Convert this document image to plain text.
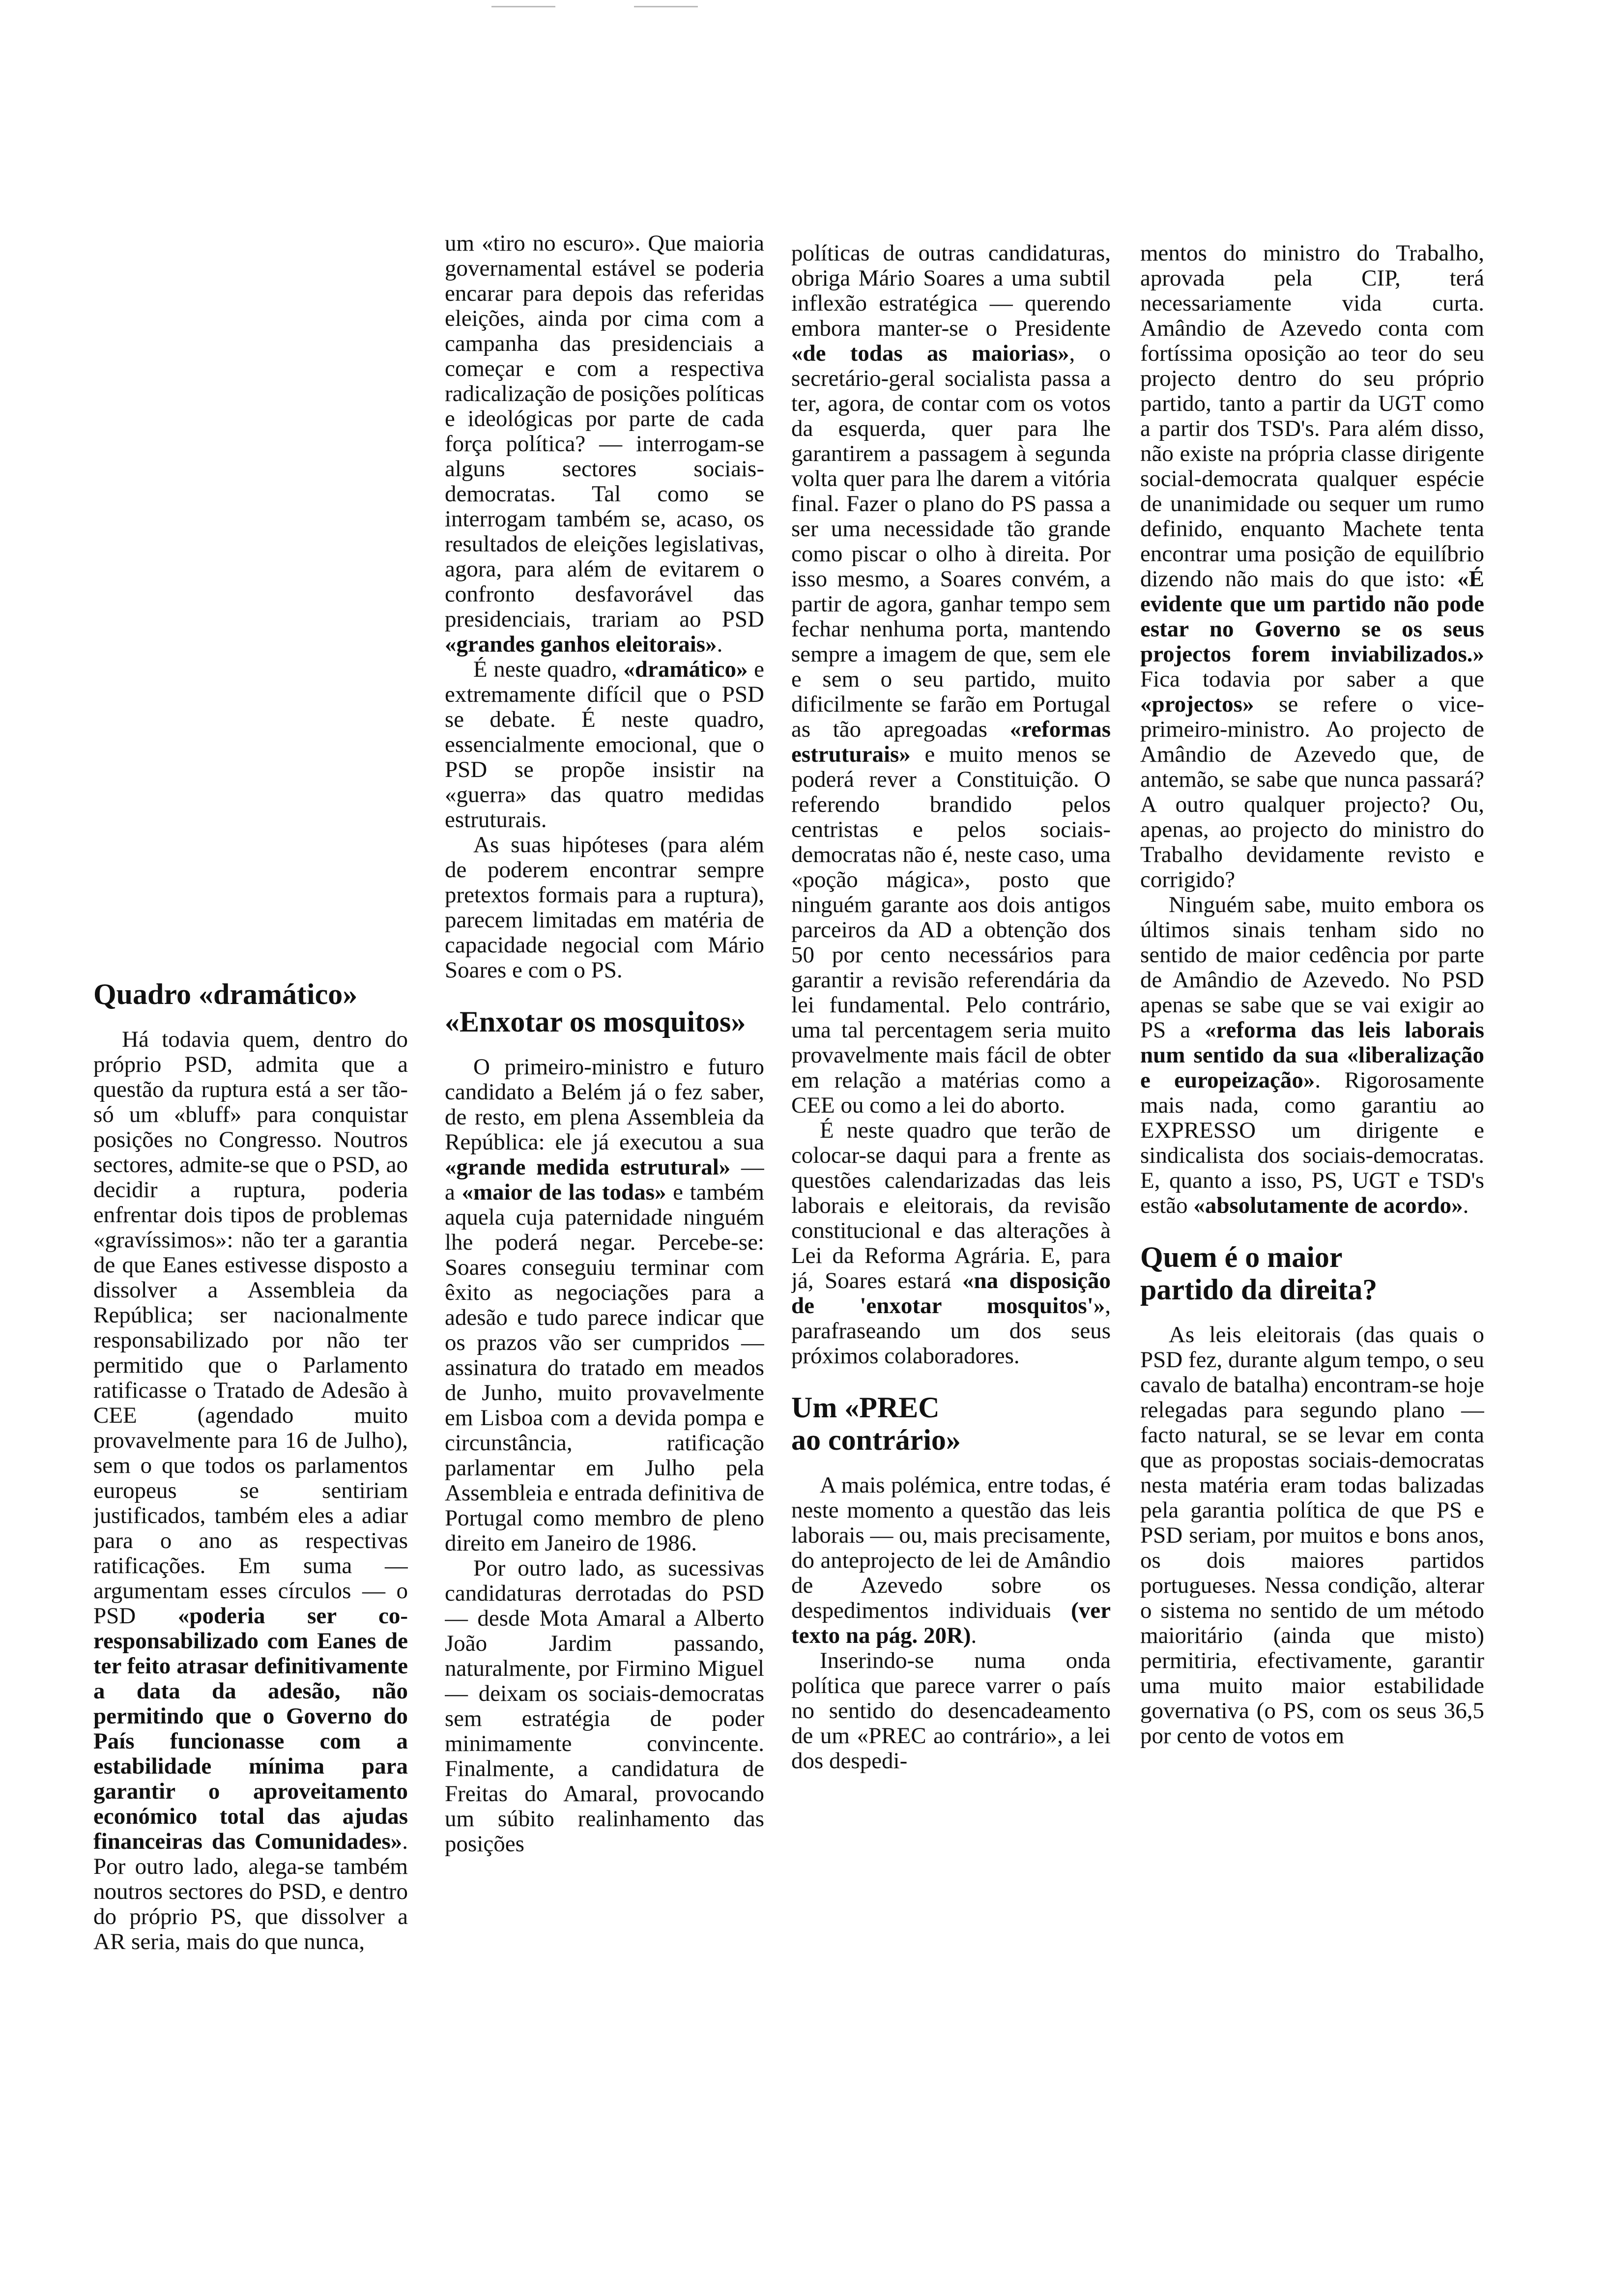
Quadro «dramático»

Há todavia quem, dentro do próprio PSD, admita que a questão da ruptura está a ser tão-só um «bluff» para conquistar posições no Congresso. Noutros sectores, admite-se que o PSD, ao decidir a ruptura, poderia enfrentar dois tipos de problemas «gravíssimos»: não ter a garantia de que Eanes estivesse disposto a dissolver a Assembleia da República; ser nacionalmente responsabilizado por não ter permitido que o Parlamento ratificasse o Tratado de Adesão à CEE (agendado muito provavelmente para 16 de Julho), sem o que todos os parlamentos europeus se sentiriam justificados, também eles a adiar para o ano as respectivas ratificações. Em suma — argumentam esses círculos — o PSD «poderia ser co-responsabilizado com Eanes de ter feito atrasar definitivamente a data da adesão, não permitindo que o Governo do País funcionasse com a estabilidade mínima para garantir o aproveitamento económico total das ajudas financeiras das Comunidades». Por outro lado, alega-se também noutros sectores do PSD, e dentro do próprio PS, que dissolver a AR seria, mais do que nunca,

um «tiro no escuro». Que maioria governamental estável se poderia encarar para depois das referidas eleições, ainda por cima com a campanha das presidenciais a começar e com a respectiva radicalização de posições políticas e ideológicas por parte de cada força política? — interrogam-se alguns sectores sociais-democratas. Tal como se interrogam também se, acaso, os resultados de eleições legislativas, agora, para além de evitarem o confronto desfavorável das presidenciais, trariam ao PSD «grandes ganhos eleitorais».

É neste quadro, «dramático» e extremamente difícil que o PSD se debate. É neste quadro, essencialmente emocional, que o PSD se propõe insistir na «guerra» das quatro medidas estruturais.

As suas hipóteses (para além de poderem encontrar sempre pretextos formais para a ruptura), parecem limitadas em matéria de capacidade negocial com Mário Soares e com o PS.

«Enxotar os mosquitos»

O primeiro-ministro e futuro candidato a Belém já o fez saber, de resto, em plena Assembleia da República: ele já executou a sua «grande medida estrutural» — a «maior de las todas» e também aquela cuja paternidade ninguém lhe poderá negar. Percebe-se: Soares conseguiu terminar com êxito as negociações para a adesão e tudo parece indicar que os prazos vão ser cumpridos — assinatura do tratado em meados de Junho, muito provavelmente em Lisboa com a devida pompa e circunstância, ratificação parlamentar em Julho pela Assembleia e entrada definitiva de Portugal como membro de pleno direito em Janeiro de 1986.

Por outro lado, as sucessivas candidaturas derrotadas do PSD — desde Mota Amaral a Alberto João Jardim passando, naturalmente, por Firmino Miguel — deixam os sociais-democratas sem estratégia de poder minimamente convincente. Finalmente, a candidatura de Freitas do Amaral, provocando um súbito realinhamento das posições

políticas de outras candidaturas, obriga Mário Soares a uma subtil inflexão estratégica — querendo embora manter-se o Presidente «de todas as maiorias», o secretário-geral socialista passa a ter, agora, de contar com os votos da esquerda, quer para lhe garantirem a passagem à segunda volta quer para lhe darem a vitória final. Fazer o plano do PS passa a ser uma necessidade tão grande como piscar o olho à direita. Por isso mesmo, a Soares convém, a partir de agora, ganhar tempo sem fechar nenhuma porta, mantendo sempre a imagem de que, sem ele e sem o seu partido, muito dificilmente se farão em Portugal as tão apregoadas «reformas estruturais» e muito menos se poderá rever a Constituição. O referendo brandido pelos centristas e pelos sociais-democratas não é, neste caso, uma «poção mágica», posto que ninguém garante aos dois antigos parceiros da AD a obtenção dos 50 por cento necessários para garantir a revisão referendária da lei fundamental. Pelo contrário, uma tal percentagem seria muito provavelmente mais fácil de obter em relação a matérias como a CEE ou como a lei do aborto.

É neste quadro que terão de colocar-se daqui para a frente as questões calendarizadas das leis laborais e eleitorais, da revisão constitucional e das alterações à Lei da Reforma Agrária. E, para já, Soares estará «na disposição de 'enxotar mosquitos'», parafraseando um dos seus próximos colaboradores.

Um «PREC
ao contrário»

A mais polémica, entre todas, é neste momento a questão das leis laborais — ou, mais precisamente, do anteprojecto de lei de Amândio de Azevedo sobre os despedimentos individuais (ver texto na pág. 20R).

Inserindo-se numa onda política que parece varrer o país no sentido do desencadeamento de um «PREC ao contrário», a lei dos despedi-

mentos do ministro do Trabalho, aprovada pela CIP, terá necessariamente vida curta. Amândio de Azevedo conta com fortíssima oposição ao teor do seu projecto dentro do seu próprio partido, tanto a partir da UGT como a partir dos TSD's. Para além disso, não existe na própria classe dirigente social-democrata qualquer espécie de unanimidade ou sequer um rumo definido, enquanto Machete tenta encontrar uma posição de equilíbrio dizendo não mais do que isto: «É evidente que um partido não pode estar no Governo se os seus projectos forem inviabilizados.» Fica todavia por saber a que «projectos» se refere o vice-primeiro-ministro. Ao projecto de Amândio de Azevedo que, de antemão, se sabe que nunca passará? A outro qualquer projecto? Ou, apenas, ao projecto do ministro do Trabalho devidamente revisto e corrigido?

Ninguém sabe, muito embora os últimos sinais tenham sido no sentido de maior cedência por parte de Amândio de Azevedo. No PSD apenas se sabe que se vai exigir ao PS a «reforma das leis laborais num sentido da sua «liberalização e europeização». Rigorosamente mais nada, como garantiu ao EXPRESSO um dirigente e sindicalista dos sociais-democratas. E, quanto a isso, PS, UGT e TSD's estão «absolutamente de acordo».

Quem é o maior
partido da direita?

As leis eleitorais (das quais o PSD fez, durante algum tempo, o seu cavalo de batalha) encontram-se hoje relegadas para segundo plano — facto natural, se se levar em conta que as propostas sociais-democratas nesta matéria eram todas balizadas pela garantia política de que PS e PSD seriam, por muitos e bons anos, os dois maiores partidos portugueses. Nessa condição, alterar o sistema no sentido de um método maioritário (ainda que misto) permitiria, efectivamente, garantir uma muito maior estabilidade governativa (o PS, com os seus 36,5 por cento de votos em
